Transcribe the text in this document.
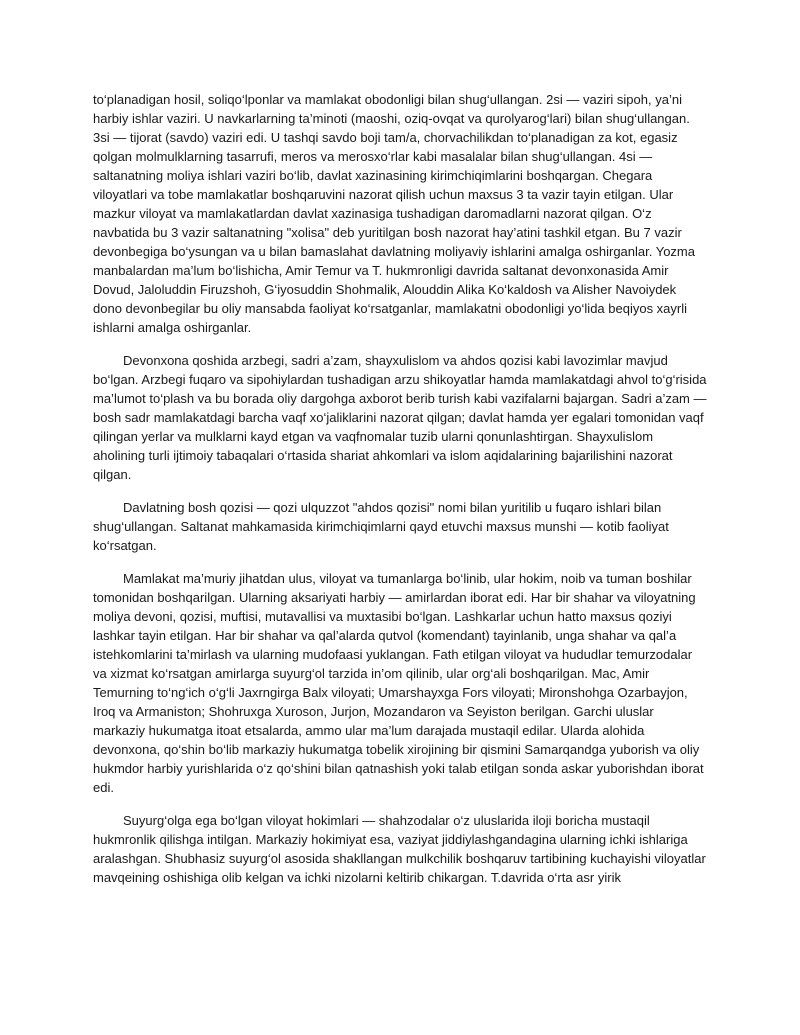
to‘planadigan hosil, soliqo‘lponlar va mamlakat obodonligi bilan shug‘ullangan. 2si — vaziri sipoh, ya’ni harbiy ishlar vaziri. U navkarlarning ta’minoti (maoshi, oziq-ovqat va qurolyarog‘lari) bilan shug‘ullangan. 3si — tijorat (savdo) vaziri edi. U tashqi savdo boji tam/a, chorvachilikdan to‘planadigan za kot, egasiz qolgan molmulklarning tasarrufi, meros va merosxo‘rlar kabi masalalar bilan shug‘ullangan. 4si — saltanatning moliya ishlari vaziri bo‘lib, davlat xazinasining kirimchiqimlarini boshqargan. Chegara viloyatlari va tobe mamlakatlar boshqaruvini nazorat qilish uchun maxsus 3 ta vazir tayin etilgan. Ular mazkur viloyat va mamlakatlardan davlat xazinasiga tushadigan daromadlarni nazorat qilgan. O‘z navbatida bu 3 vazir saltanatning "xolisa" deb yuritilgan bosh nazorat hay’atini tashkil etgan. Bu 7 vazir devonbegiga bo‘ysungan va u bilan bamaslahat davlatning moliyaviy ishlarini amalga oshirganlar. Yozma manbalardan ma’lum bo‘lishicha, Amir Temur va T. hukmronligi davrida saltanat devonxonasida Amir Dovud, Jaloluddin Firuzshoh, G‘iyosuddin Shohmalik, Alouddin Alika Ko‘kaldosh va Alisher Navoiydek dono devonbegilar bu oliy mansabda faoliyat ko‘rsatganlar, mamlakatni obodonligi yo‘lida beqiyos xayrli ishlarni amalga oshirganlar.

Devonxona qoshida arzbegi, sadri a’zam, shayxulislom va ahdos qozisi kabi lavozimlar mavjud bo‘lgan. Arzbegi fuqaro va sipohiylardan tushadigan arzu shikoyatlar hamda mamlakatdagi ahvol to‘g‘risida ma’lumot to‘plash va bu borada oliy dargohga axborot berib turish kabi vazifalarni bajargan. Sadri a’zam — bosh sadr mamlakatdagi barcha vaqf xo‘jaliklarini nazorat qilgan; davlat hamda yer egalari tomonidan vaqf qilingan yerlar va mulklarni kayd etgan va vaqfnomalar tuzib ularni qonunlashtirgan. Shayxulislom aholining turli ijtimoiy tabaqalari o‘rtasida shariat ahkomlari va islom aqidalarining bajarilishini nazorat qilgan.

Davlatning bosh qozisi — qozi ulquzzot "ahdos qozisi" nomi bilan yuritilib u fuqaro ishlari bilan shug‘ullangan. Saltanat mahkamasida kirimchiqimlarni qayd etuvchi maxsus munshi — kotib faoliyat ko‘rsatgan.

Mamlakat ma’muriy jihatdan ulus, viloyat va tumanlarga bo‘linib, ular hokim, noib va tuman boshilar tomonidan boshqarilgan. Ularning aksariyati harbiy — amirlardan iborat edi. Har bir shahar va viloyatning moliya devoni, qozisi, muftisi, mutavallisi va muxtasibi bo‘lgan. Lashkarlar uchun hatto maxsus qoziyi lashkar tayin etilgan. Har bir shahar va qal’alarda qutvol (komendant) tayinlanib, unga shahar va qal’a istehkomlarini ta’mirlash va ularning mudofaasi yuklangan. Fath etilgan viloyat va hududlar temurzodalar va xizmat ko‘rsatgan amirlarga suyurg‘ol tarzida in’om qilinib, ular org‘ali boshqarilgan. Mac, Amir Temurning to‘ng‘ich o‘g‘li Jaxrngirga Balx viloyati; Umarshayxga Fors viloyati; Mironshohga Ozarbayjon, Iroq va Armaniston; Shohruxga Xuroson, Jurjon, Mozandaron va Seyiston berilgan. Garchi uluslar markaziy hukumatga itoat etsalarda, ammo ular ma’lum darajada mustaqil edilar. Ularda alohida devonxona, qo‘shin bo‘lib markaziy hukumatga tobelik xirojining bir qismini Samarqandga yuborish va oliy hukmdor harbiy yurishlarida o‘z qo‘shini bilan qatnashish yoki talab etilgan sonda askar yuborishdan iborat edi.

Suyurg‘olga ega bo‘lgan viloyat hokimlari — shahzodalar o‘z uluslarida iloji boricha mustaqil hukmronlik qilishga intilgan. Markaziy hokimiyat esa, vaziyat jiddiylashgandagina ularning ichki ishlariga aralashgan. Shubhasiz suyurg‘ol asosida shakllangan mulkchilik boshqaruv tartibining kuchayishi viloyatlar mavqeining oshishiga olib kelgan va ichki nizolarni keltirib chikargan. T.davrida o‘rta asr yirik
